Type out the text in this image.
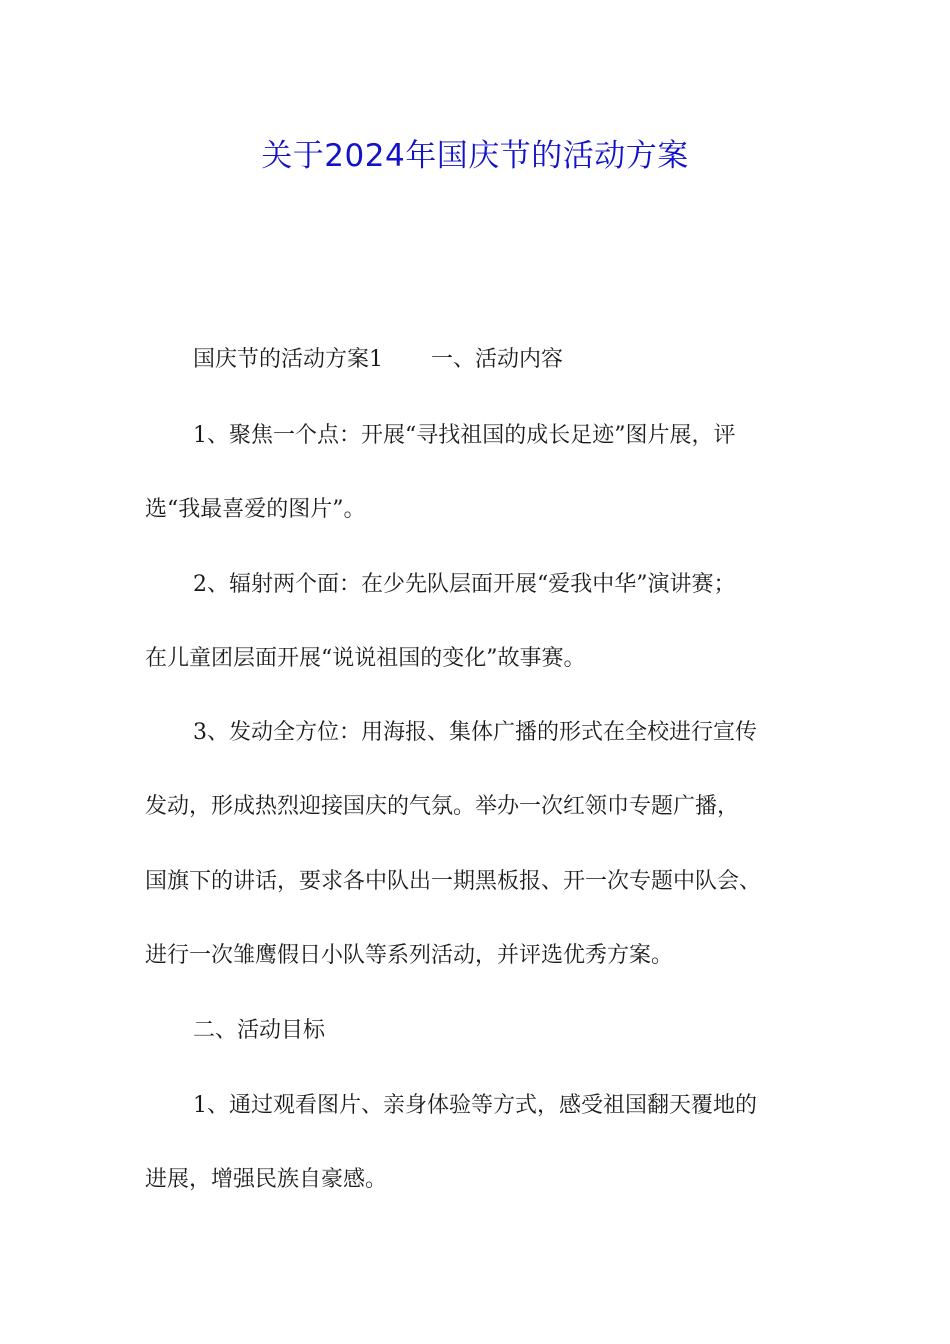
关于2024年国庆节的活动方案
国庆节的活动方案1 一、活动内容
1、聚焦一个点：开展“寻找祖国的成长足迹”图片展，评
选“我最喜爱的图片”。
2、辐射两个面：在少先队层面开展“爱我中华”演讲赛；
在儿童团层面开展“说说祖国的变化”故事赛。
3、发动全方位：用海报、集体广播的形式在全校进行宣传
发动，形成热烈迎接国庆的气氛。举办一次红领巾专题广播，
国旗下的讲话，要求各中队出一期黑板报、开一次专题中队会、
进行一次雏鹰假日小队等系列活动，并评选优秀方案。
二、活动目标
1、通过观看图片、亲身体验等方式，感受祖国翻天覆地的
进展，增强民族自豪感。
